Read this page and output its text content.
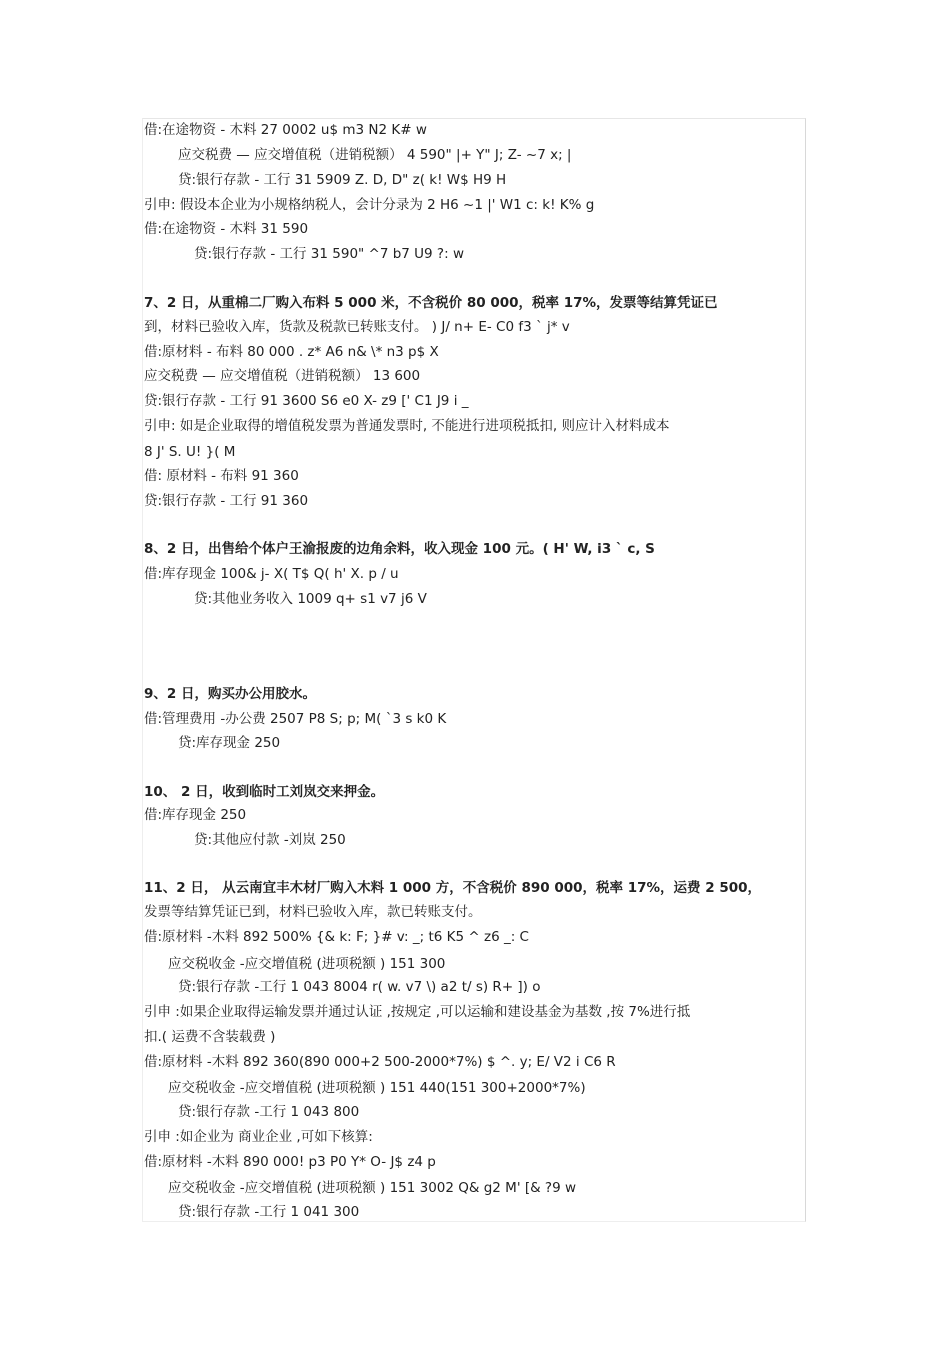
借:在途物资 - 木料 27 0002 u$ m3 N2 K# w
应交税费 — 应交增值税（进销税额） 4 590" |+ Y" J; Z- ~7 x; |
贷:银行存款 - 工行 31 5909 Z. D, D" z( k! W$ H9 H
引申: 假设本企业为小规格纳税人，会计分录为 2 H6 ~1 |' W1 c: k! K% g
借:在途物资 - 木料 31 590
贷:银行存款 - 工行 31 590" ^7 b7 U9 ?: w
7、2 日，从重棉二厂购入布料 5 000 米，不含税价 80 000，税率 17%，发票等结算凭证已
到，材料已验收入库，货款及税款已转账支付。 ) J/ n+ E- C0 f3 ` j* v
借:原材料 - 布料 80 000 . z* A6 n& \* n3 p$ X
应交税费 — 应交增值税（进销税额） 13 600
贷:银行存款 - 工行 91 3600 S6 e0 X- z9 [' C1 J9 i _
引申: 如是企业取得的增值税发票为普通发票时, 不能进行进项税抵扣, 则应计入材料成本
8 J' S. U! }( M
借: 原材料 - 布料 91 360
贷:银行存款 - 工行 91 360
8、2 日，出售给个体户王渝报废的边角余料，收入现金 100 元。( H' W, i3 ` c, S
借:库存现金 100& j- X( T$ Q( h' X. p / u
贷:其他业务收入 1009 q+ s1 v7 j6 V
9、2 日，购买办公用胶水。
借:管理费用 -办公费 2507 P8 S; p; M( `3 s k0 K
贷:库存现金 250
10、 2 日，收到临时工刘岚交来押金。
借:库存现金 250
贷:其他应付款 -刘岚 250
11、2 日， 从云南宜丰木材厂购入木料 1 000 方，不含税价 890 000，税率 17%，运费 2 500，
发票等结算凭证已到，材料已验收入库，款已转账支付。
借:原材料 -木料 892 500% {& k: F; }# v: _; t6 K5 ^ z6 _: C
应交税收金 -应交增值税 (进项税额 ) 151 300
贷:银行存款 -工行 1 043 8004 r( w. v7 \) a2 t/ s) R+ ]) o
引申 :如果企业取得运输发票并通过认证 ,按规定 ,可以运输和建设基金为基数 ,按 7%进行抵
扣.( 运费不含装载费 )
借:原材料 -木料 892 360(890 000+2 500-2000*7%) $ ^. y; E/ V2 i C6 R
应交税收金 -应交增值税 (进项税额 ) 151 440(151 300+2000*7%)
贷:银行存款 -工行 1 043 800
引申 :如企业为 商业企业 ,可如下核算:
借:原材料 -木料 890 000! p3 P0 Y* O- J$ z4 p
应交税收金 -应交增值税 (进项税额 ) 151 3002 Q& g2 M' [& ?9 w
贷:银行存款 -工行 1 041 300
